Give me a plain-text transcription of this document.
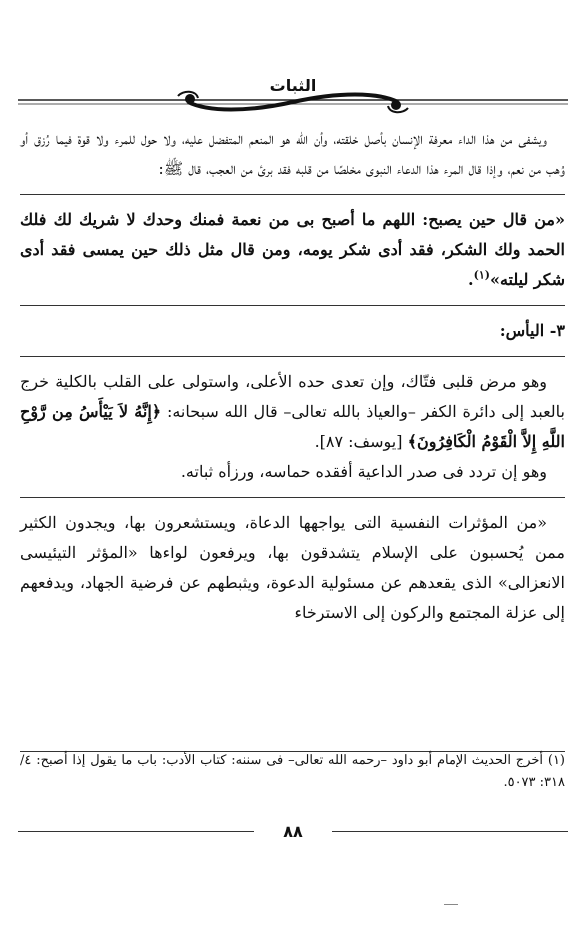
الثبات

ويشفى من هذا الداء معرفة الإنسان بأصل خلقته، وأن الله هو المنعم المتفضل عليه، ولا حول للمرء ولا قوة فيما رُزق أو وُهب من نعم، وإذا قال المرء هذا الدعاء النبوى مخلصًا من قلبه فقد برئ من العجب، قال ﷺ:

«من قال حين يصبح: اللهم ما أصبح بى من نعمة فمنك وحدك لا شريك لك فلك الحمد ولك الشكر، فقد أدى شكر يومه، ومن قال مثل ذلك حين يمسى فقد أدى شكر ليلته»$^{(١)}$.

٣- اليأس:

وهو مرض قلبى فتّاك، وإن تعدى حده الأعلى، واستولى على القلب بالكلية خرج بالعبد إلى دائرة الكفر –والعياذ بالله تعالى– قال الله سبحانه: ﴿إِنَّهُ لاَ يَيْأَسُ مِن رَّوْحِ اللَّهِ إِلاَّ الْقَوْمُ الْكَافِرُونَ﴾ [يوسف: ٨٧].

وهو إن تردد فى صدر الداعية أفقده حماسه، ورزأه ثباته.

«من المؤثرات النفسية التى يواجهها الدعاة، ويستشعرون بها، ويجدون الكثير ممن يُحسبون على الإسلام يتشدقون بها، ويرفعون لواءها «المؤثر التيئيسى الانعزالى» الذى يقعدهم عن مسئولية الدعوة، ويثبطهم عن فرضية الجهاد، ويدفعهم إلى عزلة المجتمع والركون إلى الاسترخاء

(١) أخرج الحديث الإمام أبو داود –رحمه الله تعالى– فى سننه: كتاب الأدب: باب ما يقول إذا أصبح: ٤/ ٣١٨: ٥٠٧٣.
٨٨
